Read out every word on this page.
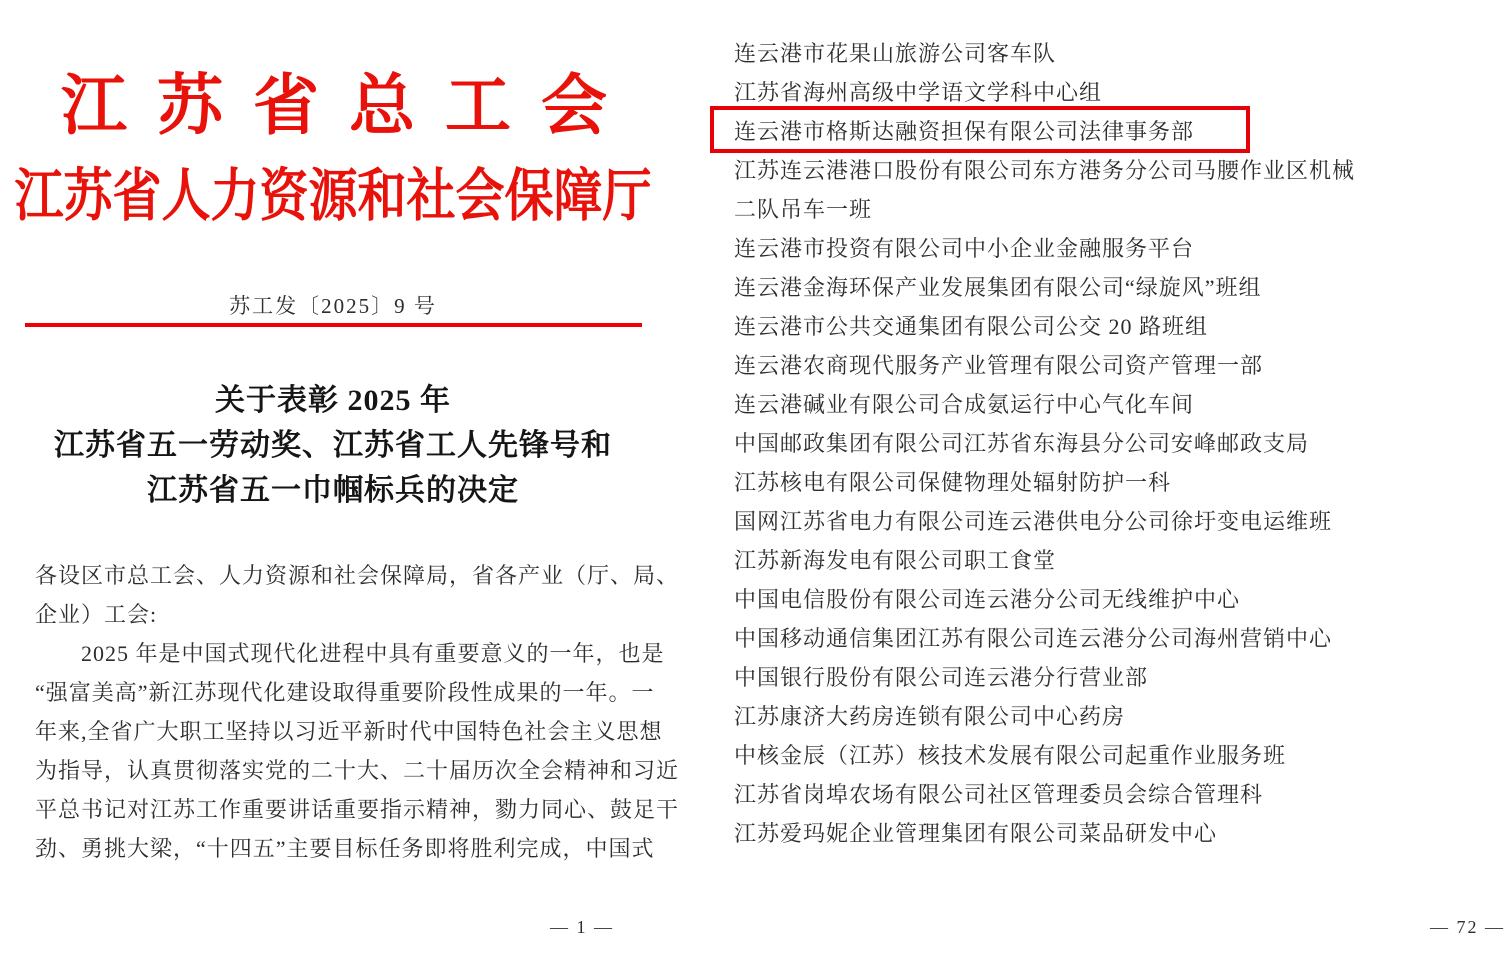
江苏省总工会
江苏省人力资源和社会保障厅
苏工发〔2025〕9 号
关于表彰 2025 年
江苏省五一劳动奖、江苏省工人先锋号和
江苏省五一巾帼标兵的决定
各设区市总工会、人力资源和社会保障局，省各产业（厅、局、
企业）工会:
　　2025 年是中国式现代化进程中具有重要意义的一年，也是
“强富美高”新江苏现代化建设取得重要阶段性成果的一年。一
年来,全省广大职工坚持以习近平新时代中国特色社会主义思想
为指导，认真贯彻落实党的二十大、二十届历次全会精神和习近
平总书记对江苏工作重要讲话重要指示精神，勠力同心、鼓足干
劲、勇挑大梁，“十四五”主要目标任务即将胜利完成，中国式
— 1 —
连云港市花果山旅游公司客车队
江苏省海州高级中学语文学科中心组
连云港市格斯达融资担保有限公司法律事务部
江苏连云港港口股份有限公司东方港务分公司马腰作业区机械
二队吊车一班
连云港市投资有限公司中小企业金融服务平台
连云港金海环保产业发展集团有限公司“绿旋风”班组
连云港市公共交通集团有限公司公交 20 路班组
连云港农商现代服务产业管理有限公司资产管理一部
连云港碱业有限公司合成氨运行中心气化车间
中国邮政集团有限公司江苏省东海县分公司安峰邮政支局
江苏核电有限公司保健物理处辐射防护一科
国网江苏省电力有限公司连云港供电分公司徐圩变电运维班
江苏新海发电有限公司职工食堂
中国电信股份有限公司连云港分公司无线维护中心
中国移动通信集团江苏有限公司连云港分公司海州营销中心
中国银行股份有限公司连云港分行营业部
江苏康济大药房连锁有限公司中心药房
中核金辰（江苏）核技术发展有限公司起重作业服务班
江苏省岗埠农场有限公司社区管理委员会综合管理科
江苏爱玛妮企业管理集团有限公司菜品研发中心
— 72 —
